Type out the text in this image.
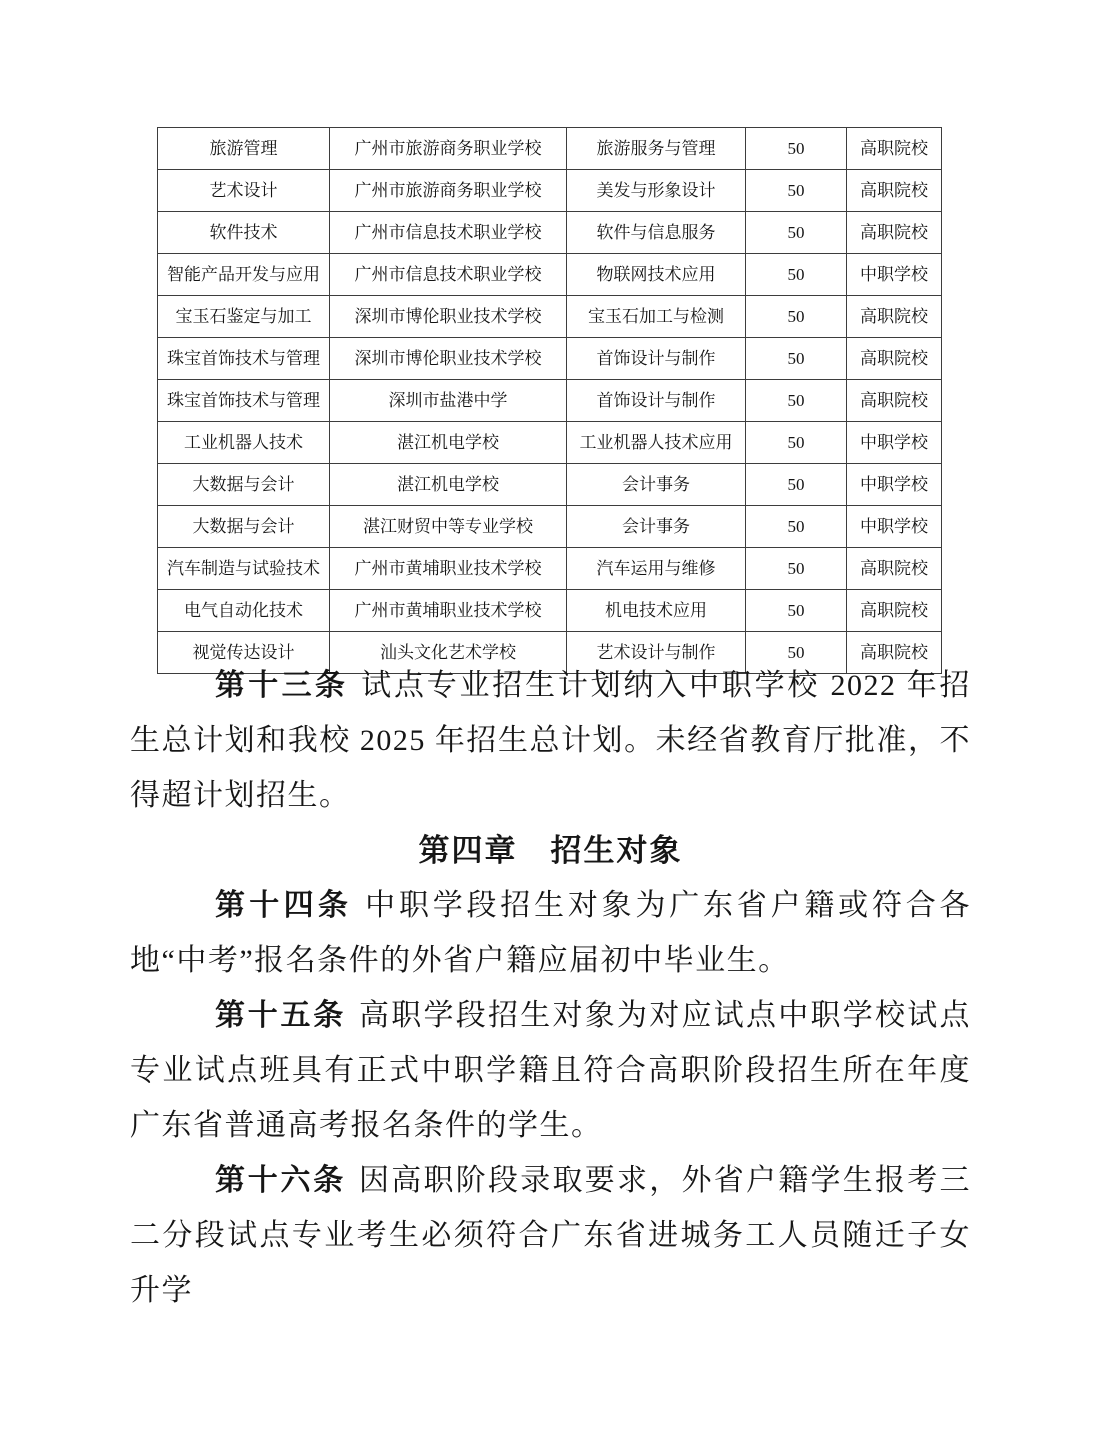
旅游管理	广州市旅游商务职业学校	旅游服务与管理	50	高职院校
艺术设计	广州市旅游商务职业学校	美发与形象设计	50	高职院校
软件技术	广州市信息技术职业学校	软件与信息服务	50	高职院校
智能产品开发与应用	广州市信息技术职业学校	物联网技术应用	50	中职学校
宝玉石鉴定与加工	深圳市博伦职业技术学校	宝玉石加工与检测	50	高职院校
珠宝首饰技术与管理	深圳市博伦职业技术学校	首饰设计与制作	50	高职院校
珠宝首饰技术与管理	深圳市盐港中学	首饰设计与制作	50	高职院校
工业机器人技术	湛江机电学校	工业机器人技术应用	50	中职学校
大数据与会计	湛江机电学校	会计事务	50	中职学校
大数据与会计	湛江财贸中等专业学校	会计事务	50	中职学校
汽车制造与试验技术	广州市黄埔职业技术学校	汽车运用与维修	50	高职院校
电气自动化技术	广州市黄埔职业技术学校	机电技术应用	50	高职院校
视觉传达设计	汕头文化艺术学校	艺术设计与制作	50	高职院校

第十三条 试点专业招生计划纳入中职学校 2022 年招生总计划和我校 2025 年招生总计划。未经省教育厅批准，不得超计划招生。

第四章　招生对象

第十四条 中职学段招生对象为广东省户籍或符合各地“中考”报名条件的外省户籍应届初中毕业生。

第十五条 高职学段招生对象为对应试点中职学校试点专业试点班具有正式中职学籍且符合高职阶段招生所在年度广东省普通高考报名条件的学生。

第十六条 因高职阶段录取要求，外省户籍学生报考三二分段试点专业考生必须符合广东省进城务工人员随迁子女升学
